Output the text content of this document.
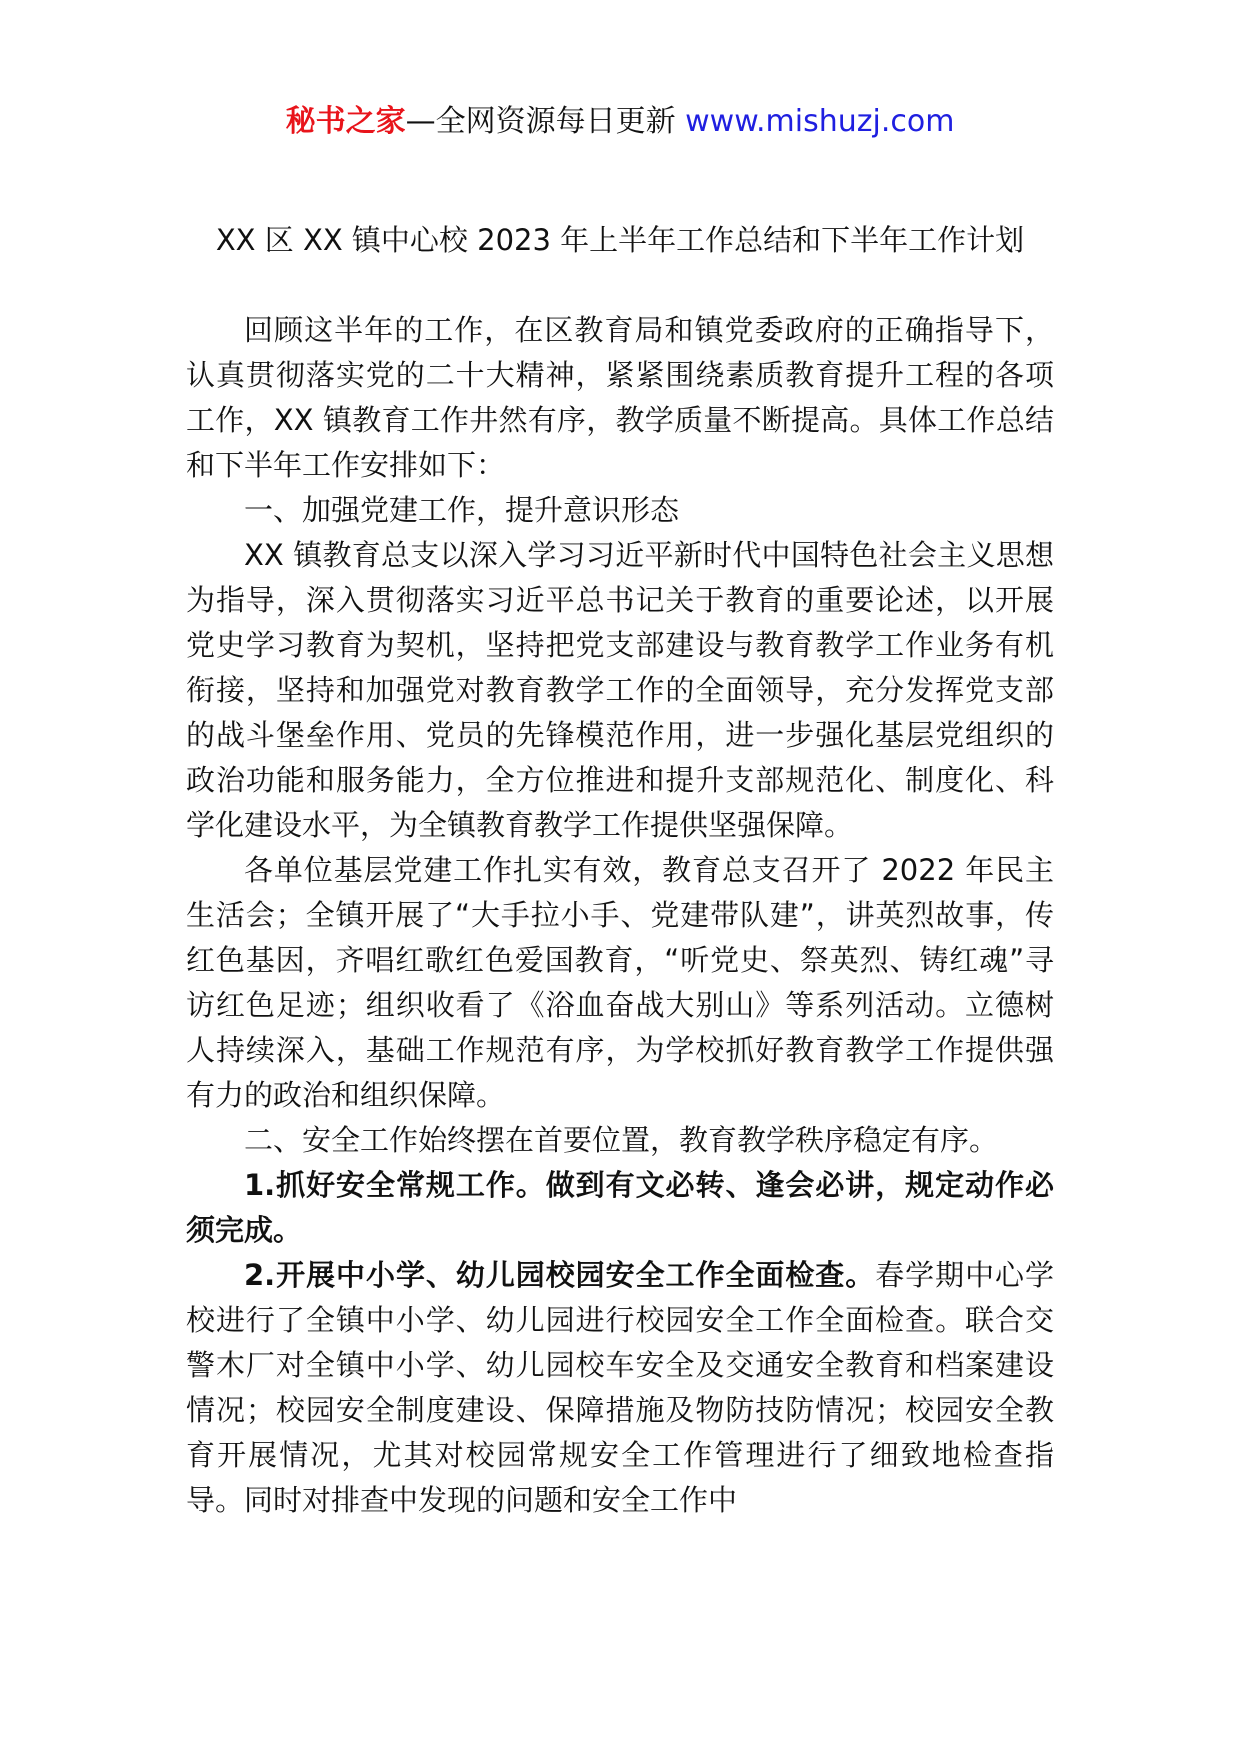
秘书之家—全网资源每日更新 www.mishuzj.com
XX 区 XX 镇中心校 2023 年上半年工作总结和下半年工作计划

回顾这半年的工作，在区教育局和镇党委政府的正确指导下，认真贯彻落实党的二十大精神，紧紧围绕素质教育提升工程的各项工作，XX 镇教育工作井然有序，教学质量不断提高。具体工作总结和下半年工作安排如下：

一、加强党建工作，提升意识形态

XX 镇教育总支以深入学习习近平新时代中国特色社会主义思想为指导，深入贯彻落实习近平总书记关于教育的重要论述，以开展党史学习教育为契机，坚持把党支部建设与教育教学工作业务有机衔接，坚持和加强党对教育教学工作的全面领导，充分发挥党支部的战斗堡垒作用、党员的先锋模范作用，进一步强化基层党组织的政治功能和服务能力，全方位推进和提升支部规范化、制度化、科学化建设水平，为全镇教育教学工作提供坚强保障。

各单位基层党建工作扎实有效，教育总支召开了 2022 年民主生活会；全镇开展了“大手拉小手、党建带队建”，讲英烈故事，传红色基因，齐唱红歌红色爱国教育，“听党史、祭英烈、铸红魂”寻访红色足迹；组织收看了《浴血奋战大别山》等系列活动。立德树人持续深入，基础工作规范有序，为学校抓好教育教学工作提供强有力的政治和组织保障。

二、安全工作始终摆在首要位置，教育教学秩序稳定有序。

1.抓好安全常规工作。做到有文必转、逢会必讲，规定动作必须完成。

2.开展中小学、幼儿园校园安全工作全面检查。春学期中心学校进行了全镇中小学、幼儿园进行校园安全工作全面检查。联合交警木厂对全镇中小学、幼儿园校车安全及交通安全教育和档案建设情况；校园安全制度建设、保障措施及物防技防情况；校园安全教育开展情况，尤其对校园常规安全工作管理进行了细致地检查指导。同时对排查中发现的问题和安全工作中
